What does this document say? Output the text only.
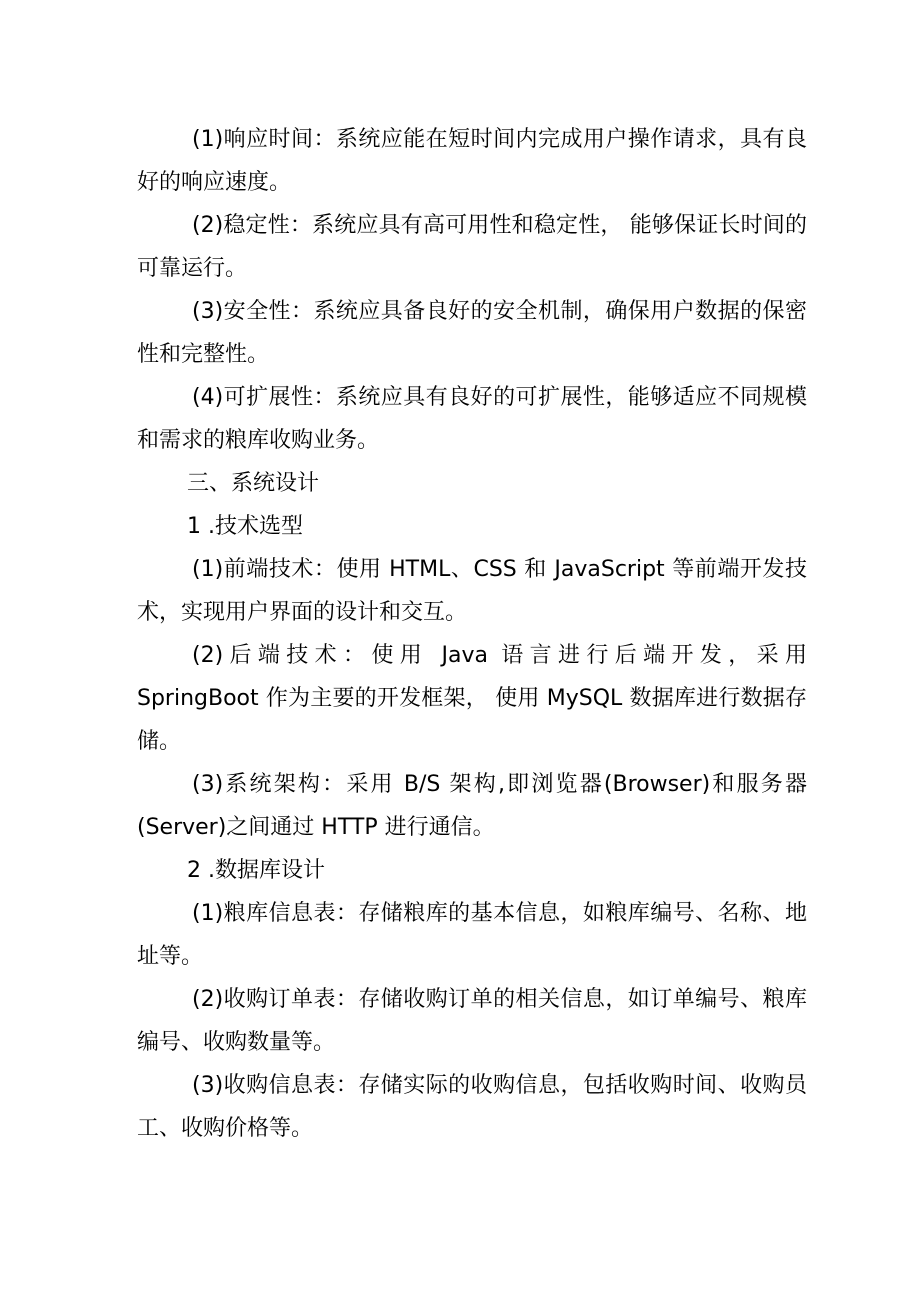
(1)响应时间：系统应能在短时间内完成用户操作请求，具有良好的响应速度。

(2)稳定性：系统应具有高可用性和稳定性， 能够保证长时间的可靠运行。

(3)安全性：系统应具备良好的安全机制，确保用户数据的保密性和完整性。

(4)可扩展性：系统应具有良好的可扩展性，能够适应不同规模和需求的粮库收购业务。

三、系统设计

1 .技术选型

(1)前端技术：使用 HTML、CSS 和 JavaScript 等前端开发技术，实现用户界面的设计和交互。

(2)后端技术：使用 Java 语言进行后端开发，采用 SpringBoot 作为主要的开发框架， 使用 MySQL 数据库进行数据存储。

(3)系统架构：采用 B/S 架构,即浏览器(Browser)和服务器(Server)之间通过 HTTP 进行通信。

2 .数据库设计

(1)粮库信息表：存储粮库的基本信息，如粮库编号、名称、地址等。

(2)收购订单表：存储收购订单的相关信息，如订单编号、粮库编号、收购数量等。

(3)收购信息表：存储实际的收购信息，包括收购时间、收购员工、收购价格等。
